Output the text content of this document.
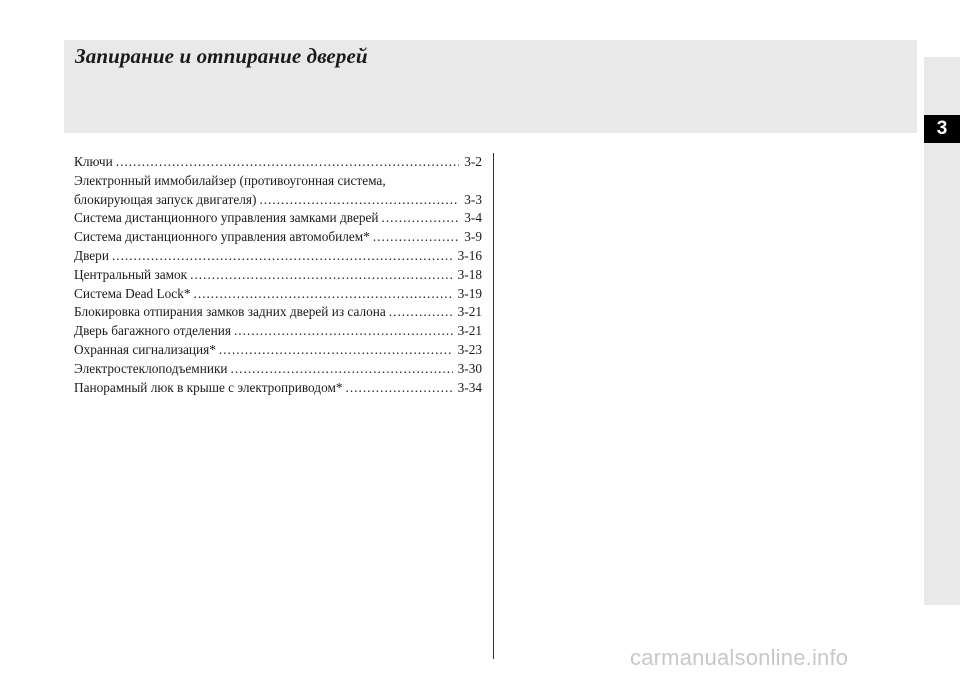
Запирание и отпирание дверей
3
Ключи .....	3-2
Электронный иммобилайзер (противоугонная система,
блокирующая запуск двигателя) .....	3-3
Система дистанционного управления замками дверей .....	3-4
Система дистанционного управления автомобилем* .....	3-9
Двери .....	3-16
Центральный замок .....	3-18
Система Dead Lock* .....	3-19
Блокировка отпирания замков задних дверей из салона .....	3-21
Дверь багажного отделения .....	3-21
Охранная сигнализация* .....	3-23
Электростеклоподъемники .....	3-30
Панорамный люк в крыше с электроприводом* .....	3-34
carmanualsonline.info
